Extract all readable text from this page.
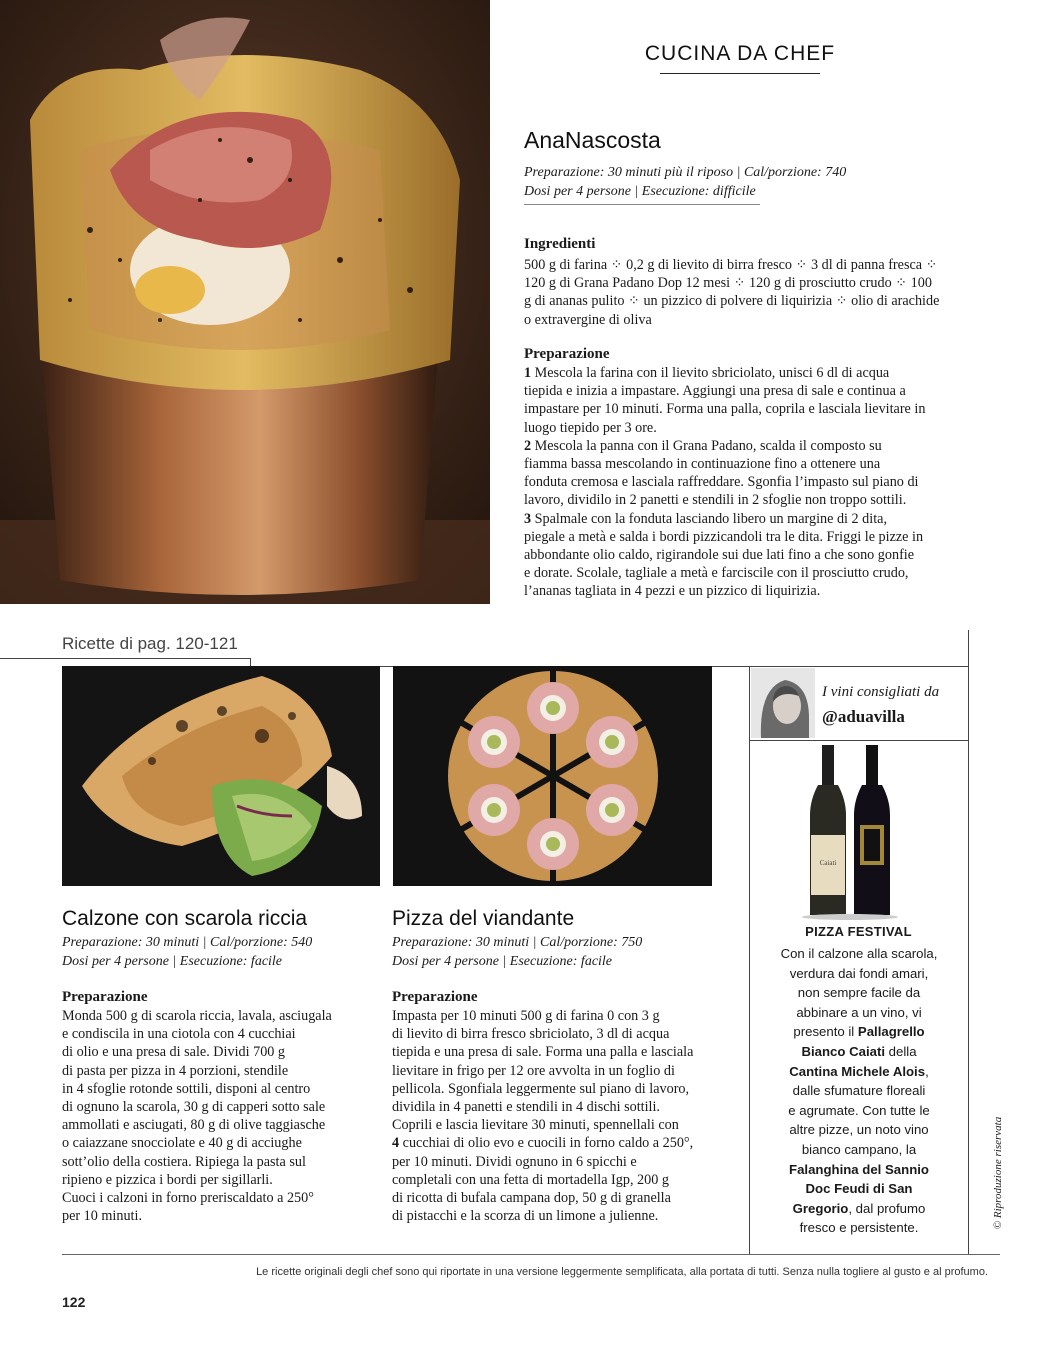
CUCINA DA CHEF
AnaNascosta
Preparazione: 30 minuti più il riposo | Cal/porzione: 740
Dosi per 4 persone | Esecuzione: difficile
Ingredienti
500 g di farina ⁘ 0,2 g di lievito di birra fresco ⁘ 3 dl di panna fresca ⁘
120 g di Grana Padano Dop 12 mesi ⁘ 120 g di prosciutto crudo ⁘ 100
g di ananas pulito ⁘ un pizzico di polvere di liquirizia ⁘ olio di arachide
o extravergine di oliva
Preparazione
1 Mescola la farina con il lievito sbriciolato, unisci 6 dl di acqua
tiepida e inizia a impastare. Aggiungi una presa di sale e continua a
impastare per 10 minuti. Forma una palla, coprila e lasciala lievitare in
luogo tiepido per 3 ore.
2 Mescola la panna con il Grana Padano, scalda il composto su
fiamma bassa mescolando in continuazione fino a ottenere una
fonduta cremosa e lasciala raffreddare. Sgonfia l’impasto sul piano di
lavoro, dividilo in 2 panetti e stendili in 2 sfoglie non troppo sottili.
3 Spalmale con la fonduta lasciando libero un margine di 2 dita,
piegale a metà e salda i bordi pizzicandoli tra le dita. Friggi le pizze in
abbondante olio caldo, rigirandole sui due lati fino a che sono gonfie
e dorate. Scolale, tagliale a metà e farciscile con il prosciutto crudo,
l’ananas tagliata in 4 pezzi e un pizzico di liquirizia.
Ricette di pag. 120-121
Calzone con scarola riccia
Preparazione: 30 minuti | Cal/porzione: 540
Dosi per 4 persone | Esecuzione: facile
Preparazione
Monda 500 g di scarola riccia, lavala, asciugala
e condiscila in una ciotola con 4 cucchiai
di olio e una presa di sale. Dividi 700 g
di pasta per pizza in 4 porzioni, stendile
in 4 sfoglie rotonde sottili, disponi al centro
di ognuno la scarola, 30 g di capperi sotto sale
ammollati e asciugati, 80 g di olive taggiasche
o caiazzane snocciolate e 40 g di acciughe
sott’olio della costiera. Ripiega la pasta sul
ripieno e pizzica i bordi per sigillarli.
Cuoci i calzoni in forno preriscaldato a 250°
per 10 minuti.
Pizza del viandante
Preparazione: 30 minuti | Cal/porzione: 750
Dosi per 4 persone | Esecuzione: facile
Preparazione
Impasta per 10 minuti 500 g di farina 0 con 3 g
di lievito di birra fresco sbriciolato, 3 dl di acqua
tiepida e una presa di sale. Forma una palla e lasciala
lievitare in frigo per 12 ore avvolta in un foglio di
pellicola. Sgonfiala leggermente sul piano di lavoro,
dividila in 4 panetti e stendili in 4 dischi sottili.
Coprili e lascia lievitare 30 minuti, spennellali con
4 cucchiai di olio evo e cuocili in forno caldo a 250°,
per 10 minuti. Dividi ognuno in 6 spicchi e
completali con una fetta di mortadella Igp, 200 g
di ricotta di bufala campana dop, 50 g di granella
di pistacchi e la scorza di un limone a julienne.
I vini consigliati da
@aduavilla
Caiati
PIZZA FESTIVAL
Con il calzone alla scarola,
verdura dai fondi amari,
non sempre facile da
abbinare a un vino, vi
presento il Pallagrello
Bianco Caiati della
Cantina Michele Alois,
dalle sfumature floreali
e agrumate. Con tutte le
altre pizze, un noto vino
bianco campano, la
Falanghina del Sannio
Doc Feudi di San
Gregorio, dal profumo
fresco e persistente.	© Riproduzione riservata
Le ricette originali degli chef sono qui riportate in una versione leggermente semplificata, alla portata di tutti. Senza nulla togliere al gusto e al profumo.
122
